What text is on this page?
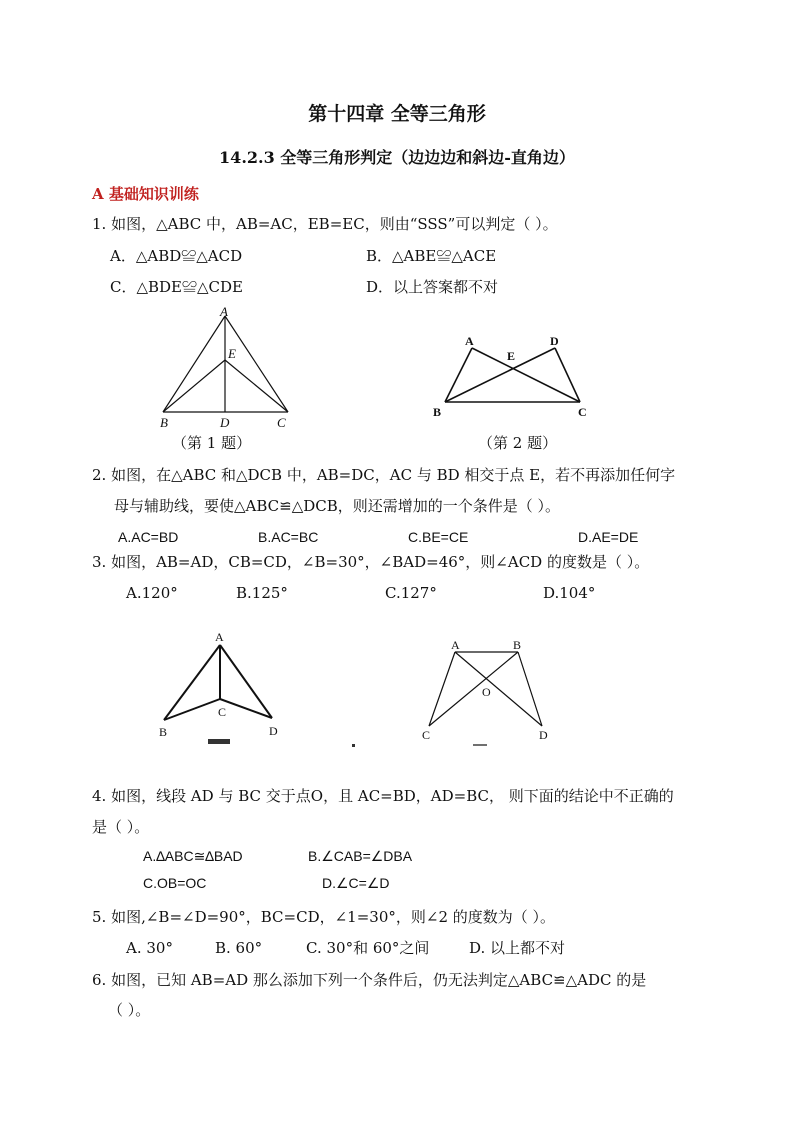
第十四章 全等三角形
14.2.3 全等三角形判定（边边边和斜边-直角边）
A 基础知识训练
1. 如图，△ABC 中，AB=AC，EB=EC，则由“SSS”可以判定（ ）。
A．△ABD≌△ACD	B．△ABE≌△ACE
C．△BDE≌△CDE	D．以上答案都不对
A
E
B	D	C
（第 1 题）
A	D
E
B	C
（第 2 题）
2. 如图，在△ABC 和△DCB 中，AB=DC，AC 与 BD 相交于点 E，若不再添加任何字
母与辅助线，要使△ABC≌△DCB，则还需增加的一个条件是（ ）。
A.AC=BD	B.AC=BC	C.BE=CE	D.AE=DE
3. 如图，AB=AD，CB=CD，∠B=30°，∠BAD=46°，则∠ACD 的度数是（ ）。
A.120°	B.125°	C.127°	D.104°
A
C
B	D
A	B
O
C	D
4. 如图，线段 AD 与 BC 交于点O，且 AC=BD，AD=BC， 则下面的结论中不正确的
是（ ）。
A.∆ABC≅∆BAD	B.∠CAB=∠DBA
C.OB=OC	D.∠C=∠D
5. 如图,∠B=∠D=90°，BC=CD，∠1=30°，则∠2 的度数为（ ）。
A. 30°	B. 60°	C. 30°和 60°之间	D. 以上都不对
6. 如图，已知 AB=AD 那么添加下列一个条件后，仍无法判定△ABC≌△ADC 的是
（ ）。
